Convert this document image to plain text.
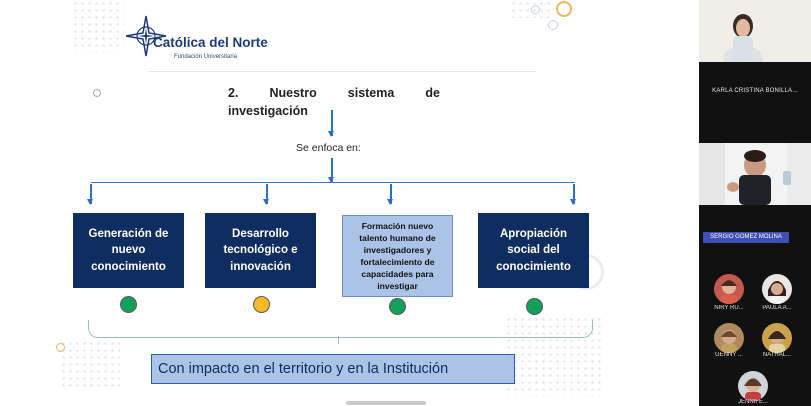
Católica del Norte
Fundación Universitaria
2. Nuestro sistema de
investigación
Se enfoca en:
Generación de nuevo conocimiento
Desarrollo tecnológico e innovación
Formación nuevo talento humano de investigadores y fortalecimiento de capacidades para investigar
Apropiación social del conocimiento
Con impacto en el territorio y en la Institución
KARLA CRISTINA BONILLA...
SERGIO GOMEZ MOLINA
NIRY RU...	PAULA A...
GENNY ...	NATHAL...
JENNIFE...
